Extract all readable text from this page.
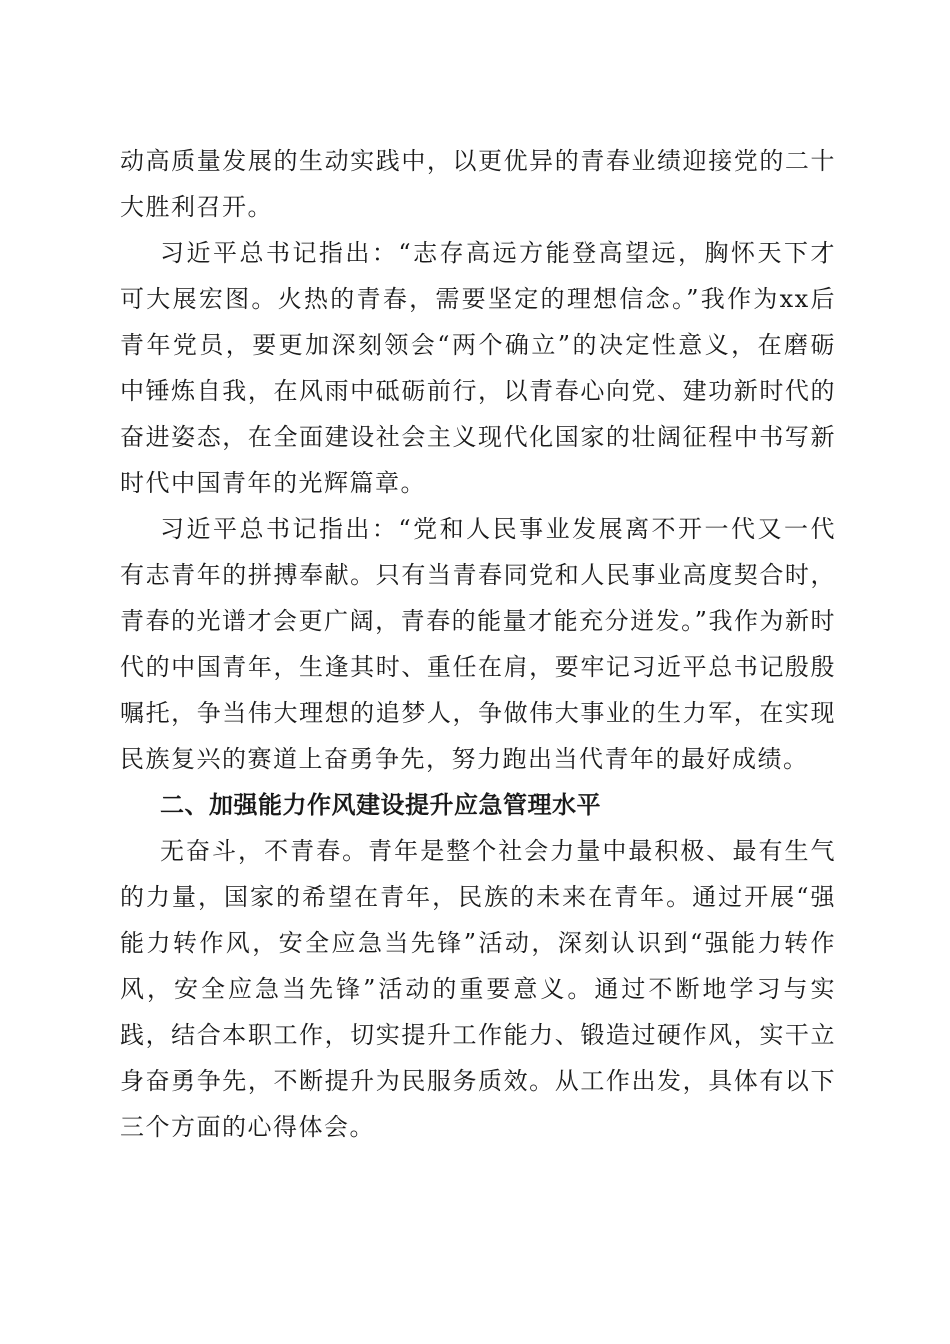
动高质量发展的生动实践中，以更优异的青春业绩迎接党的二十大胜利召开。

习近平总书记指出：“志存高远方能登高望远，胸怀天下才可大展宏图。火热的青春，需要坚定的理想信念。”我作为xx后青年党员，要更加深刻领会“两个确立”的决定性意义，在磨砺中锤炼自我，在风雨中砥砺前行，以青春心向党、建功新时代的奋进姿态，在全面建设社会主义现代化国家的壮阔征程中书写新时代中国青年的光辉篇章。

习近平总书记指出：“党和人民事业发展离不开一代又一代有志青年的拼搏奉献。只有当青春同党和人民事业高度契合时，青春的光谱才会更广阔，青春的能量才能充分迸发。”我作为新时代的中国青年，生逢其时、重任在肩，要牢记习近平总书记殷殷嘱托，争当伟大理想的追梦人，争做伟大事业的生力军，在实现民族复兴的赛道上奋勇争先，努力跑出当代青年的最好成绩。

二、加强能力作风建设提升应急管理水平

无奋斗，不青春。青年是整个社会力量中最积极、最有生气的力量，国家的希望在青年，民族的未来在青年。通过开展“强能力转作风，安全应急当先锋”活动，深刻认识到“强能力转作风，安全应急当先锋”活动的重要意义。通过不断地学习与实践，结合本职工作，切实提升工作能力、锻造过硬作风，实干立身奋勇争先，不断提升为民服务质效。从工作出发，具体有以下三个方面的心得体会。
